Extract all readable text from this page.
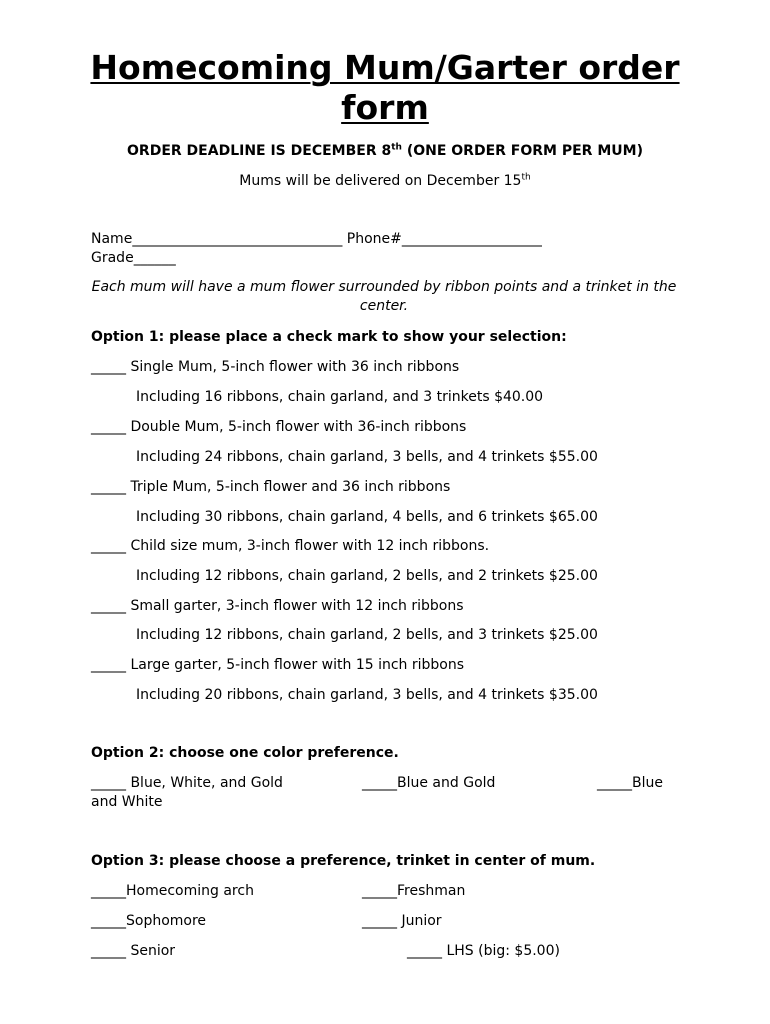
Homecoming Mum/Garter order form
ORDER DEADLINE IS DECEMBER 8th (ONE ORDER FORM PER MUM)
Mums will be delivered on December 15th
Name______________________________ Phone#____________________
Grade______
Each mum will have a mum flower surrounded by ribbon points and a trinket in the center.
Option 1: please place a check mark to show your selection:
_____ Single Mum, 5-inch flower with 36 inch ribbons
Including 16 ribbons, chain garland, and 3 trinkets $40.00
_____ Double Mum, 5-inch flower with 36-inch ribbons
Including 24 ribbons, chain garland, 3 bells, and 4 trinkets $55.00
_____ Triple Mum, 5-inch flower and 36 inch ribbons
Including 30 ribbons, chain garland, 4 bells, and 6 trinkets $65.00
_____ Child size mum, 3-inch flower with 12 inch ribbons.
Including 12 ribbons, chain garland, 2 bells, and 2 trinkets $25.00
_____ Small garter, 3-inch flower with 12 inch ribbons
Including 12 ribbons, chain garland, 2 bells, and 3 trinkets $25.00
_____ Large garter, 5-inch flower with 15 inch ribbons
Including 20 ribbons, chain garland, 3 bells, and 4 trinkets $35.00
Option 2: choose one color preference.
_____ Blue, White, and Gold	_____Blue and Gold	_____Blue
and White
Option 3: please choose a preference, trinket in center of mum.
_____Homecoming arch	_____Freshman
_____Sophomore	_____ Junior
_____ Senior	_____ LHS (big: $5.00)
